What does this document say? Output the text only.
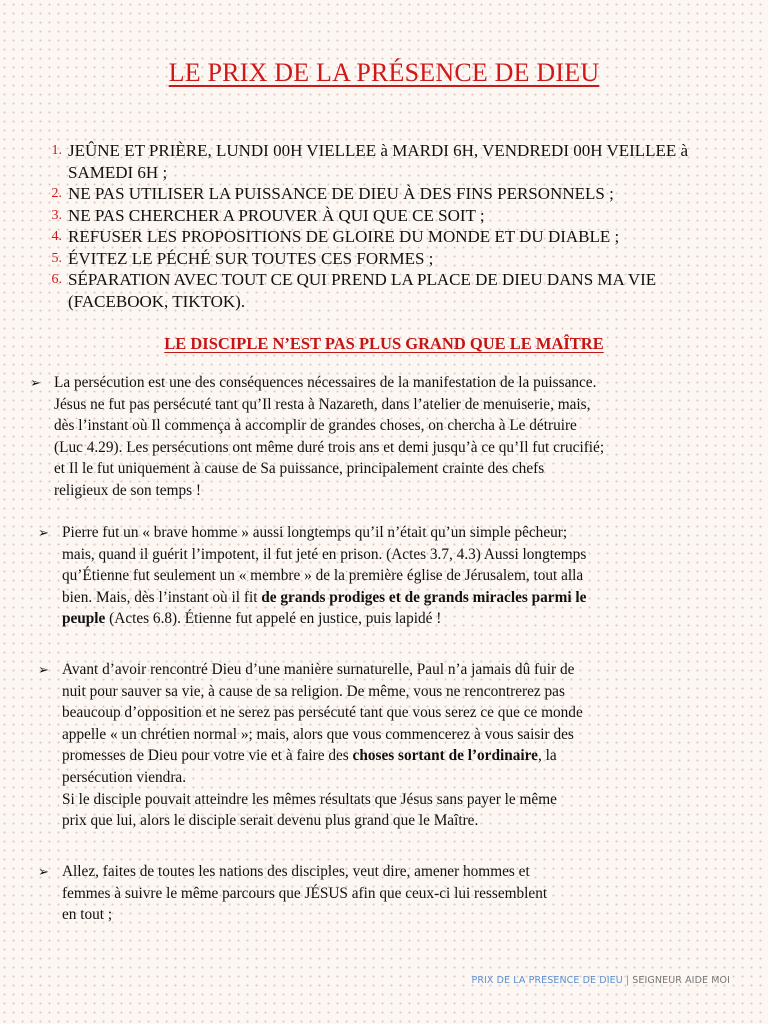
LE PRIX DE LA PRÉSENCE DE DIEU
1. JEÛNE ET PRIÈRE, LUNDI 00H VIELLEE à MARDI 6H, VENDREDI 00H VEILLEE à SAMEDI 6H ;
2. NE PAS UTILISER LA PUISSANCE DE DIEU À DES FINS PERSONNELS ;
3. NE PAS CHERCHER A PROUVER À QUI QUE CE SOIT ;
4. REFUSER LES PROPOSITIONS DE GLOIRE DU MONDE ET DU DIABLE ;
5. ÉVITEZ LE PÉCHÉ SUR TOUTES CES FORMES ;
6. SÉPARATION AVEC TOUT CE QUI PREND LA PLACE DE DIEU DANS MA VIE (FACEBOOK, TIKTOK).
LE DISCIPLE N’EST PAS PLUS GRAND QUE LE MAÎTRE
➢ La persécution est une des conséquences nécessaires de la manifestation de la puissance.

Jésus ne fut pas persécuté tant qu’Il resta à Nazareth, dans l’atelier de menuiserie, mais,

dès l’instant où Il commença à accomplir de grandes choses, on chercha à Le détruire

(Luc 4.29). Les persécutions ont même duré trois ans et demi jusqu’à ce qu’Il fut crucifié;

et Il le fut uniquement à cause de Sa puissance, principalement crainte des chefs

religieux de son temps !

➢ Pierre fut un « brave homme » aussi longtemps qu’il n’était qu’un simple pêcheur;

mais, quand il guérit l’impotent, il fut jeté en prison. (Actes 3.7, 4.3) Aussi longtemps

qu’Étienne fut seulement un « membre » de la première église de Jérusalem, tout alla

bien. Mais, dès l’instant où il fit de grands prodiges et de grands miracles parmi le

peuple (Actes 6.8). Étienne fut appelé en justice, puis lapidé !

➢ Avant d’avoir rencontré Dieu d’une manière surnaturelle, Paul n’a jamais dû fuir de

nuit pour sauver sa vie, à cause de sa religion. De même, vous ne rencontrerez pas

beaucoup d’opposition et ne serez pas persécuté tant que vous serez ce que ce monde

appelle « un chrétien normal »; mais, alors que vous commencerez à vous saisir des

promesses de Dieu pour votre vie et à faire des choses sortant de l’ordinaire, la

persécution viendra.

Si le disciple pouvait atteindre les mêmes résultats que Jésus sans payer le même

prix que lui, alors le disciple serait devenu plus grand que le Maître.

➢ Allez, faites de toutes les nations des disciples, veut dire, amener hommes et

femmes à suivre le même parcours que JÉSUS afin que ceux-ci lui ressemblent

en tout ;

PRIX DE LA PRESENCE DE DIEU | SEIGNEUR AIDE MOI
